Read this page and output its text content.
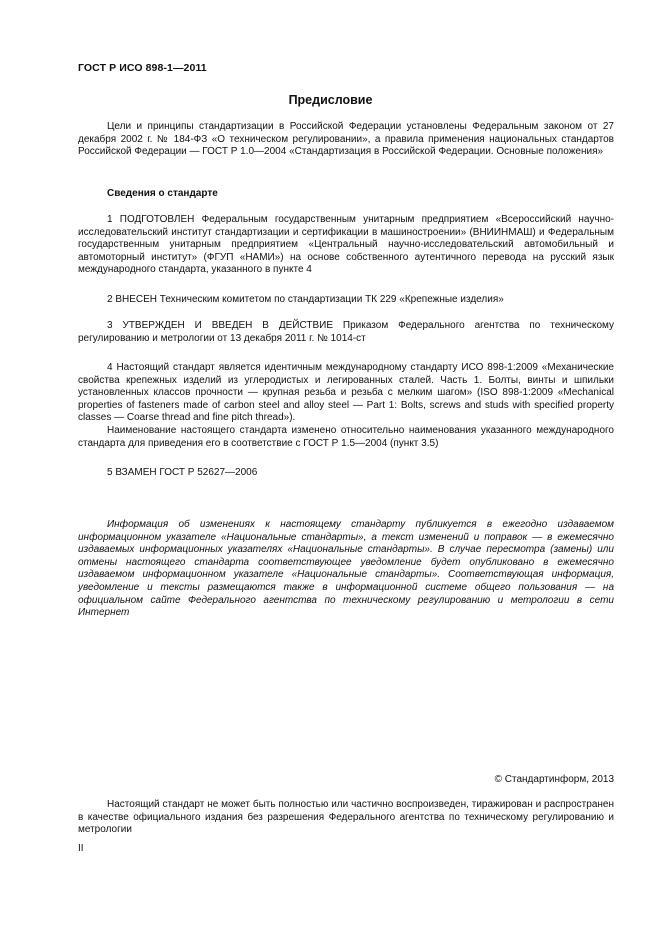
ГОСТ Р ИСО 898-1—2011
Предисловие

Цели и принципы стандартизации в Российской Федерации установлены Федеральным законом от 27 декабря 2002 г. № 184-ФЗ «О техническом регулировании», а правила применения национальных стандартов Российской Федерации — ГОСТ Р 1.0—2004 «Стандартизация в Российской Федерации. Основные положения»

Сведения о стандарте

1 ПОДГОТОВЛЕН Федеральным государственным унитарным предприятием «Всероссийский научно-исследовательский институт стандартизации и сертификации в машиностроении» (ВНИИНМАШ) и Федеральным государственным унитарным предприятием «Центральный научно-исследовательский автомобильный и автомоторный институт» (ФГУП «НАМИ») на основе собственного аутентичного перевода на русский язык международного стандарта, указанного в пункте 4

2 ВНЕСЕН Техническим комитетом по стандартизации ТК 229 «Крепежные изделия»

3 УТВЕРЖДЕН И ВВЕДЕН В ДЕЙСТВИЕ Приказом Федерального агентства по техническому регулированию и метрологии от 13 декабря 2011 г. № 1014-ст

4 Настоящий стандарт является идентичным международному стандарту ИСО 898-1:2009 «Механические свойства крепежных изделий из углеродистых и легированных сталей. Часть 1. Болты, винты и шпильки установленных классов прочности — крупная резьба и резьба с мелким шагом» (ISO 898-1:2009 «Mechanical properties of fasteners made of carbon steel and alloy steel — Part 1: Bolts, screws and studs with specified property classes — Coarse thread and fine pitch thread»).

Наименование настоящего стандарта изменено относительно наименования указанного международного стандарта для приведения его в соответствие с ГОСТ Р 1.5—2004 (пункт 3.5)

5 ВЗАМЕН ГОСТ Р 52627—2006

Информация об изменениях к настоящему стандарту публикуется в ежегодно издаваемом информационном указателе «Национальные стандарты», а текст изменений и поправок — в ежемесячно издаваемых информационных указателях «Национальные стандарты». В случае пересмотра (замены) или отмены настоящего стандарта соответствующее уведомление будет опубликовано в ежемесячно издаваемом информационном указателе «Национальные стандарты». Соответствующая информация, уведомление и тексты размещаются также в информационной системе общего пользования — на официальном сайте Федерального агентства по техническому регулированию и метрологии в сети Интернет

© Стандартинформ, 2013

Настоящий стандарт не может быть полностью или частично воспроизведен, тиражирован и распространен в качестве официального издания без разрешения Федерального агентства по техническому регулированию и метрологии

II
